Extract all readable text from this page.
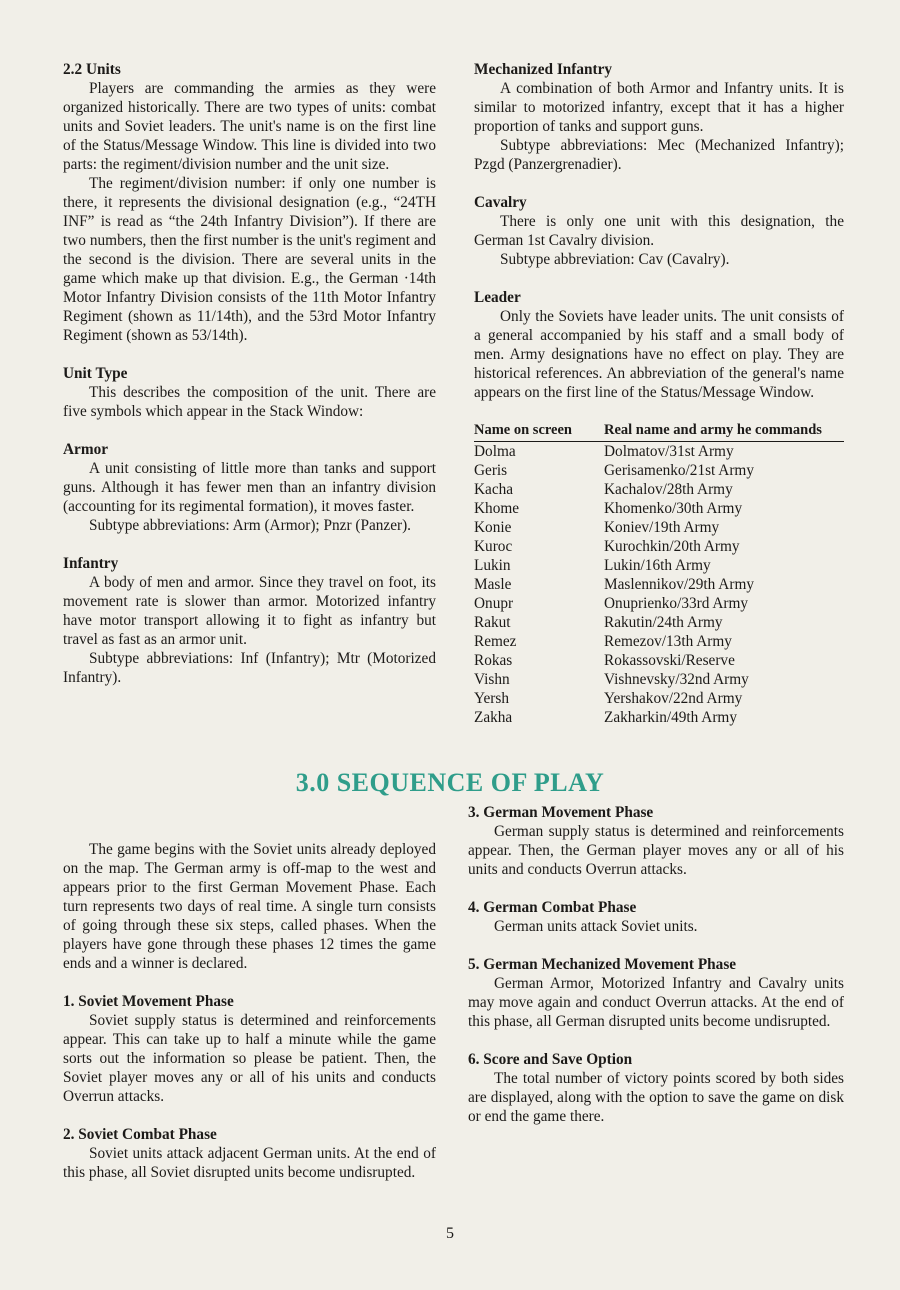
2.2 Units

Players are commanding the armies as they were organized historically. There are two types of units: combat units and Soviet leaders. The unit's name is on the first line of the Status/Message Window. This line is divided into two parts: the regiment/division number and the unit size.

The regiment/division number: if only one number is there, it represents the divisional designation (e.g., “24TH INF” is read as “the 24th Infantry Division”). If there are two numbers, then the first number is the unit's regiment and the second is the division. There are several units in the game which make up that division. E.g., the German ·14th Motor Infantry Division consists of the 11th Motor Infantry Regiment (shown as 11/14th), and the 53rd Motor Infantry Regiment (shown as 53/14th).

Unit Type

This describes the composition of the unit. There are five symbols which appear in the Stack Window:

Armor

A unit consisting of little more than tanks and support guns. Although it has fewer men than an infantry division (accounting for its regimental formation), it moves faster.

Subtype abbreviations: Arm (Armor); Pnzr (Panzer).

Infantry

A body of men and armor. Since they travel on foot, its movement rate is slower than armor. Motorized infantry have motor transport allowing it to fight as infantry but travel as fast as an armor unit.

Subtype abbreviations: Inf (Infantry); Mtr (Motorized Infantry).

Mechanized Infantry

A combination of both Armor and Infantry units. It is similar to motorized infantry, except that it has a higher proportion of tanks and support guns.

Subtype abbreviations: Mec (Mechanized Infantry); Pzgd (Panzergrenadier).

Cavalry

There is only one unit with this designation, the German 1st Cavalry division.

Subtype abbreviation: Cav (Cavalry).

Leader

Only the Soviets have leader units. The unit consists of a general accompanied by his staff and a small body of men. Army designations have no effect on play. They are historical references. An abbreviation of the general's name appears on the first line of the Status/Message Window.

Name on screen	Real name and army he commands
Dolma	Dolmatov/31st Army
Geris	Gerisamenko/21st Army
Kacha	Kachalov/28th Army
Khome	Khomenko/30th Army
Konie	Koniev/19th Army
Kuroc	Kurochkin/20th Army
Lukin	Lukin/16th Army
Masle	Maslennikov/29th Army
Onupr	Onuprienko/33rd Army
Rakut	Rakutin/24th Army
Remez	Remezov/13th Army
Rokas	Rokassovski/Reserve
Vishn	Vishnevsky/32nd Army
Yersh	Yershakov/22nd Army
Zakha	Zakharkin/49th Army
3.0 SEQUENCE OF PLAY

The game begins with the Soviet units already deployed on the map. The German army is off-map to the west and appears prior to the first German Movement Phase. Each turn represents two days of real time. A single turn consists of going through these six steps, called phases. When the players have gone through these phases 12 times the game ends and a winner is declared.

1. Soviet Movement Phase

Soviet supply status is determined and reinforcements appear. This can take up to half a minute while the game sorts out the information so please be patient. Then, the Soviet player moves any or all of his units and conducts Overrun attacks.

2. Soviet Combat Phase

Soviet units attack adjacent German units. At the end of this phase, all Soviet disrupted units become undisrupted.

3. German Movement Phase

German supply status is determined and reinforcements appear. Then, the German player moves any or all of his units and conducts Overrun attacks.

4. German Combat Phase

German units attack Soviet units.

5. German Mechanized Movement Phase

German Armor, Motorized Infantry and Cavalry units may move again and conduct Overrun attacks. At the end of this phase, all German disrupted units become undisrupted.

6. Score and Save Option

The total number of victory points scored by both sides are displayed, along with the option to save the game on disk or end the game there.

5
